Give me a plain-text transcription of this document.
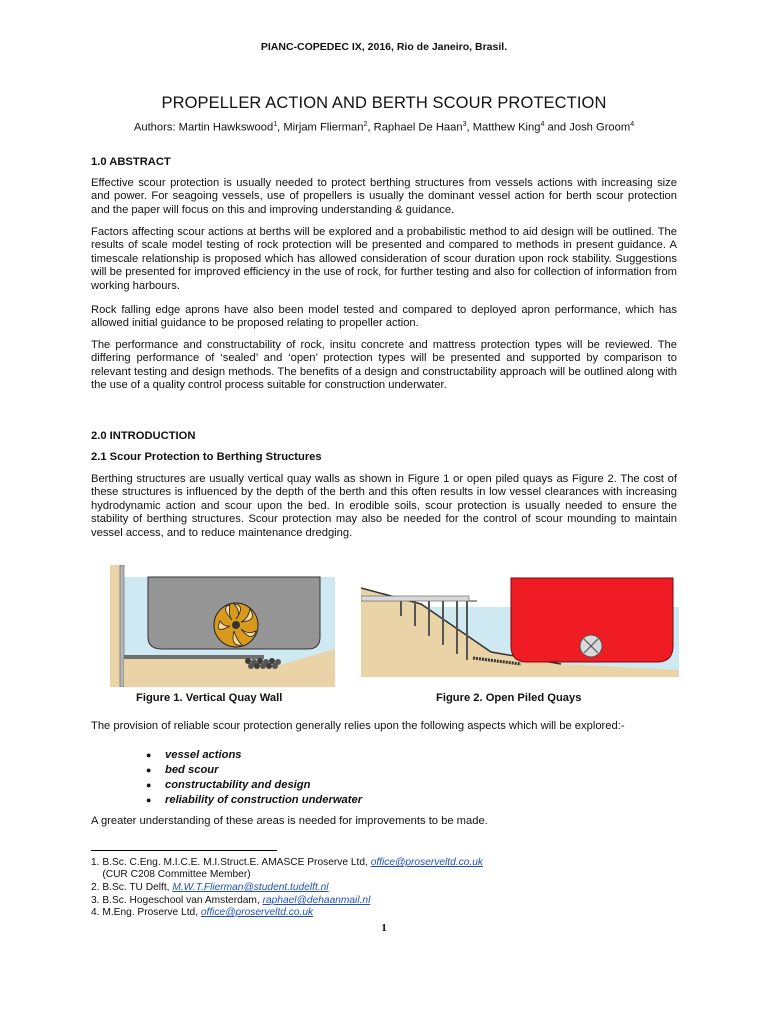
PIANC-COPEDEC IX, 2016, Rio de Janeiro, Brasil.
PROPELLER ACTION AND BERTH SCOUR PROTECTION
Authors: Martin Hawkswood$^1$, Mirjam Flierman$^2$, Raphael De Haan$^3$, Matthew King$^4$ and Josh Groom$^4$
1.0 ABSTRACT
Effective scour protection is usually needed to protect berthing structures from vessels actions with increasing size and power. For seagoing vessels, use of propellers is usually the dominant vessel action for berth scour protection and the paper will focus on this and improving understanding & guidance.
Factors affecting scour actions at berths will be explored and a probabilistic method to aid design will be outlined. The results of scale model testing of rock protection will be presented and compared to methods in present guidance. A timescale relationship is proposed which has allowed consideration of scour duration upon rock stability. Suggestions will be presented for improved efficiency in the use of rock, for further testing and also for collection of information from working harbours.
Rock falling edge aprons have also been model tested and compared to deployed apron performance, which has allowed initial guidance to be proposed relating to propeller action.
The performance and constructability of rock, insitu concrete and mattress protection types will be reviewed. The differing performance of ‘sealed’ and ‘open’ protection types will be presented and supported by comparison to relevant testing and design methods. The benefits of a design and constructability approach will be outlined along with the use of a quality control process suitable for construction underwater.
2.0 INTRODUCTION
2.1 Scour Protection to Berthing Structures
Berthing structures are usually vertical quay walls as shown in Figure 1 or open piled quays as Figure 2. The cost of these structures is influenced by the depth of the berth and this often results in low vessel clearances with increasing hydrodynamic action and scour upon the bed. In erodible soils, scour protection is usually needed to ensure the stability of berthing structures. Scour protection may also be needed for the control of scour mounding to maintain vessel access, and to reduce maintenance dredging.
Figure 1. Vertical Quay Wall	Figure 2. Open Piled Quays
The provision of reliable scour protection generally relies upon the following aspects which will be explored:-
● vessel actions
● bed scour
● constructability and design
● reliability of construction underwater
A greater understanding of these areas is needed for improvements to be made.
1. B.Sc. C.Eng. M.I.C.E. M.I.Struct.E. AMASCE Proserve Ltd, office@proserveltd.co.uk
(CUR C208 Committee Member)
2. B.Sc. TU Delft, M.W.T.Flierman@student.tudelft.nl
3. B.Sc. Hogeschool van Amsterdam, raphael@dehaanmail.nl
4. M.Eng. Proserve Ltd, office@proserveltd.co.uk
1
